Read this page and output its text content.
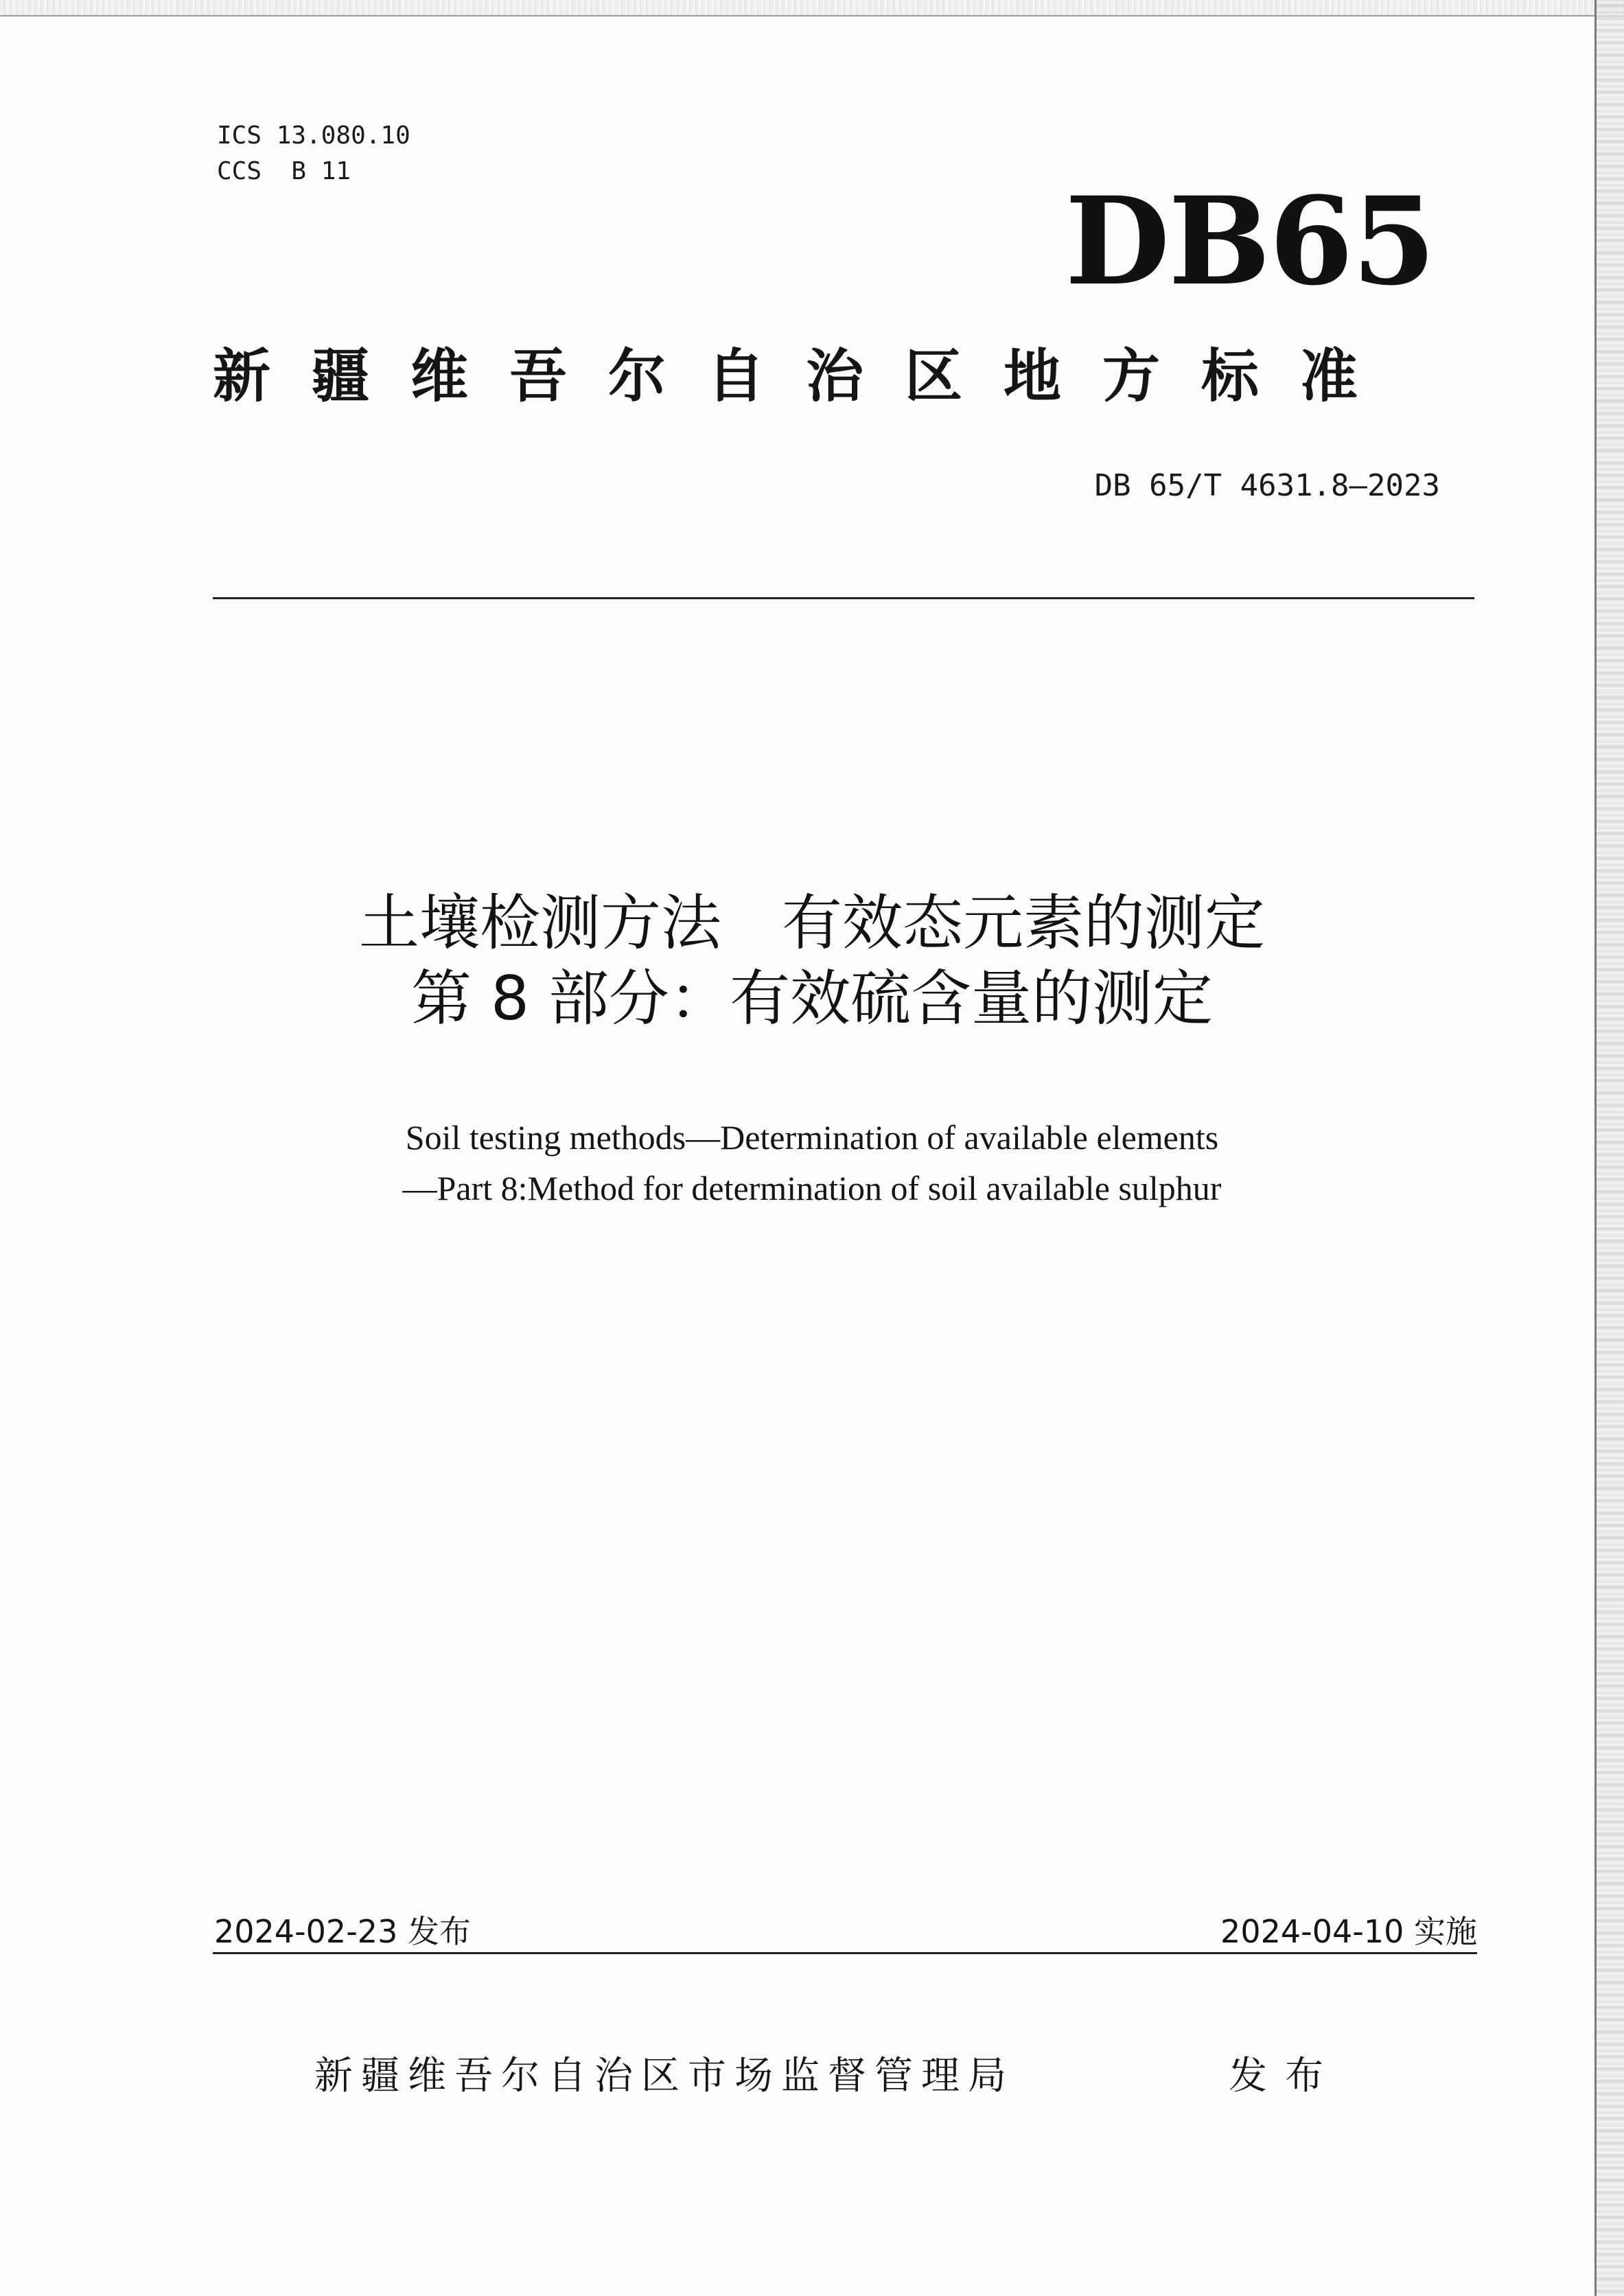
ICS 13.080.10
CCS  B 11	DB65
新疆维吾尔自治区地方标准
DB 65/T 4631.8—2023
土壤检测方法　有效态元素的测定
第 8 部分：有效硫含量的测定
Soil testing methods—Determination of available elements
—Part 8:Method for determination of soil available sulphur
2024-02-23 发布	2024-04-10 实施
新疆维吾尔自治区市场监督管理局	发布
